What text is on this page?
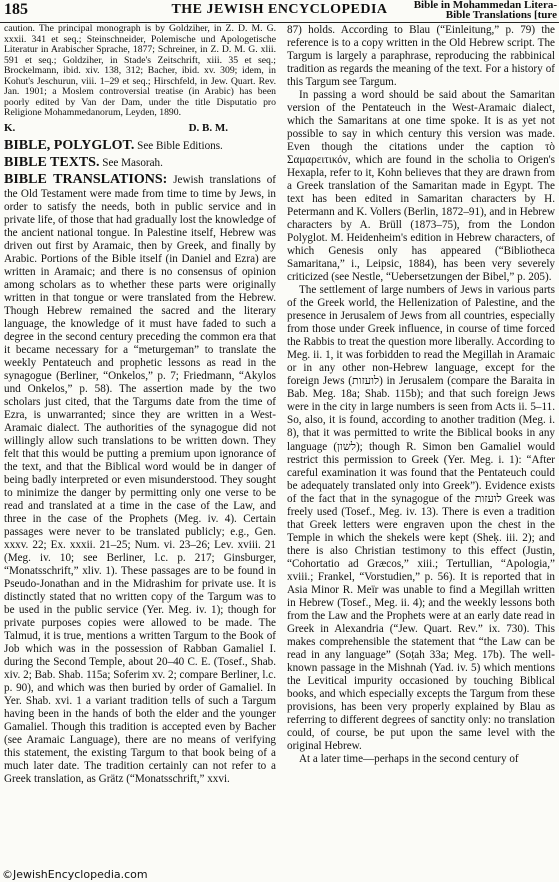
185	THE JEWISH ENCYCLOPEDIA	Bible in Mohammedan Litera-
Bible Translations [ture

caution. The principal monograph is by Goldziher, in Z. D. M. G. xxxii. 341 et seq.; Steinschneider, Polemische und Apologetische Literatur in Arabischer Sprache, 1877; Schreiner, in Z. D. M. G. xlii. 591 et seq.; Goldziher, in Stade's Zeitschrift, xiii. 35 et seq.; Brockelmann, ibid. xiv. 138, 312; Bacher, ibid. xv. 309; idem, in Kohut's Jeschurun, viii. 1–29 et seq.; Hirschfeld, in Jew. Quart. Rev. Jan. 1901; a Moslem controversial treatise (in Arabic) has been poorly edited by Van der Dam, under the title Disputatio pro Religione Mohammedanorum, Leyden, 1890.

K.	D. B. M.

BIBLE, POLYGLOT. See Bible Editions.

BIBLE TEXTS. See Masorah.

BIBLE TRANSLATIONS: Jewish translations of the Old Testament were made from time to time by Jews, in order to satisfy the needs, both in public service and in private life, of those that had gradually lost the knowledge of the ancient national tongue. In Palestine itself, Hebrew was driven out first by Aramaic, then by Greek, and finally by Arabic. Portions of the Bible itself (in Daniel and Ezra) are written in Aramaic; and there is no consensus of opinion among scholars as to whether these parts were originally written in that tongue or were translated from the Hebrew. Though Hebrew remained the sacred and the literary language, the knowledge of it must have faded to such a degree in the second century preceding the common era that it became necessary for a “meturgeman” to translate the weekly Pentateuch and prophetic lessons as read in the synagogue (Berliner, “Onkelos,” p. 7; Friedmann, “Akylos und Onkelos,” p. 58). The assertion made by the two scholars just cited, that the Targums date from the time of Ezra, is unwarranted; since they are written in a West-Aramaic dialect. The authorities of the synagogue did not willingly allow such translations to be written down. They felt that this would be putting a premium upon ignorance of the text, and that the Biblical word would be in danger of being badly interpreted or even misunderstood. They sought to minimize the danger by permitting only one verse to be read and translated at a time in the case of the Law, and three in the case of the Prophets (Meg. iv. 4). Certain passages were never to be translated publicly; e.g., Gen. xxxv. 22; Ex. xxxii. 21–25; Num. vi. 23–26; Lev. xviii. 21 (Meg. iv. 10; see Berliner, l.c. p. 217; Ginsburger, “Monatsschrift,” xliv. 1). These passages are to be found in Pseudo-Jonathan and in the Midrashim for private use. It is distinctly stated that no written copy of the Targum was to be used in the public service (Yer. Meg. iv. 1); though for private purposes copies were allowed to be made. The Talmud, it is true, mentions a written Targum to the Book of Job which was in the possession of Rabban Gamaliel I. during the Second Temple, about 20–40 C. E. (Tosef., Shab. xiv. 2; Bab. Shab. 115a; Soferim xv. 2; compare Berliner, l.c. p. 90), and which was then buried by order of Gamaliel. In Yer. Shab. xvi. 1 a variant tradition tells of such a Targum having been in the hands of both the elder and the younger Gamaliel. Though this tradition is accepted even by Bacher (see Aramaic Language), there are no means of verifying this statement, the existing Targum to that book being of a much later date. The tradition certainly can not refer to a Greek translation, as Grätz (“Monatsschrift,” xxvi.

87) holds. According to Blau (“Einleitung,” p. 79) the reference is to a copy written in the Old Hebrew script. The Targum is largely a paraphrase, reproducing the rabbinical tradition as regards the meaning of the text. For a history of this Targum see Targum.

In passing a word should be said about the Samaritan version of the Pentateuch in the West-Aramaic dialect, which the Samaritans at one time spoke. It is as yet not possible to say in which century this version was made. Even though the citations under the caption τὸ Σαμαρειτικόν, which are found in the scholia to Origen's Hexapla, refer to it, Kohn believes that they are drawn from a Greek translation of the Samaritan made in Egypt. The text has been edited in Samaritan characters by H. Petermann and K. Vollers (Berlin, 1872–91), and in Hebrew characters by A. Brüll (1873–75), from the London Polyglot. M. Heidenheim's edition in Hebrew characters, of which Genesis only has appeared (“Bibliotheca Samaritana,” i., Leipsic, 1884), has been very severely criticized (see Nestle, “Uebersetzungen der Bibel,” p. 205).

The settlement of large numbers of Jews in various parts of the Greek world, the Hellenization of Palestine, and the presence in Jerusalem of Jews from all countries, especially from those under Greek influence, in course of time forced the Rabbis to treat the question more liberally. According to Meg. ii. 1, it was forbidden to read the Megillah in Aramaic or in any other non-Hebrew language, except for the foreign Jews (לועזות) in Jerusalem (compare the Baraita in Bab. Meg. 18a; Shab. 115b); and that such foreign Jews were in the city in large numbers is seen from Acts ii. 5–11. So, also, it is found, according to another tradition (Meg. i. 8), that it was permitted to write the Biblical books in any language (לשון); though R. Simon ben Gamaliel would restrict this permission to Greek (Yer. Meg. i. 1): “After careful examination it was found that the Pentateuch could be adequately translated only into Greek”). Evidence exists of the fact that in the synagogue of the לועזות Greek was freely used (Tosef., Meg. iv. 13). There is even a tradition that Greek letters were engraven upon the chest in the Temple in which the shekels were kept (Sheḳ. iii. 2); and there is also Christian testimony to this effect (Justin, “Cohortatio ad Græcos,” xiii.; Tertullian, “Apologia,” xviii.; Frankel, “Vorstudien,” p. 56). It is reported that in Asia Minor R. Meïr was unable to find a Megillah written in Hebrew (Tosef., Meg. ii. 4); and the weekly lessons both from the Law and the Prophets were at an early date read in Greek in Alexandria (“Jew. Quart. Rev.” ix. 730). This makes comprehensible the statement that “the Law can be read in any language” (Soṭah 33a; Meg. 17b). The well-known passage in the Mishnah (Yad. iv. 5) which mentions the Levitical impurity occasioned by touching Biblical books, and which especially excepts the Targum from these provisions, has been very properly explained by Blau as referring to different degrees of sanctity only: no translation could, of course, be put upon the same level with the original Hebrew.

At a later time—perhaps in the second century of

©JewishEncyclopedia.com
